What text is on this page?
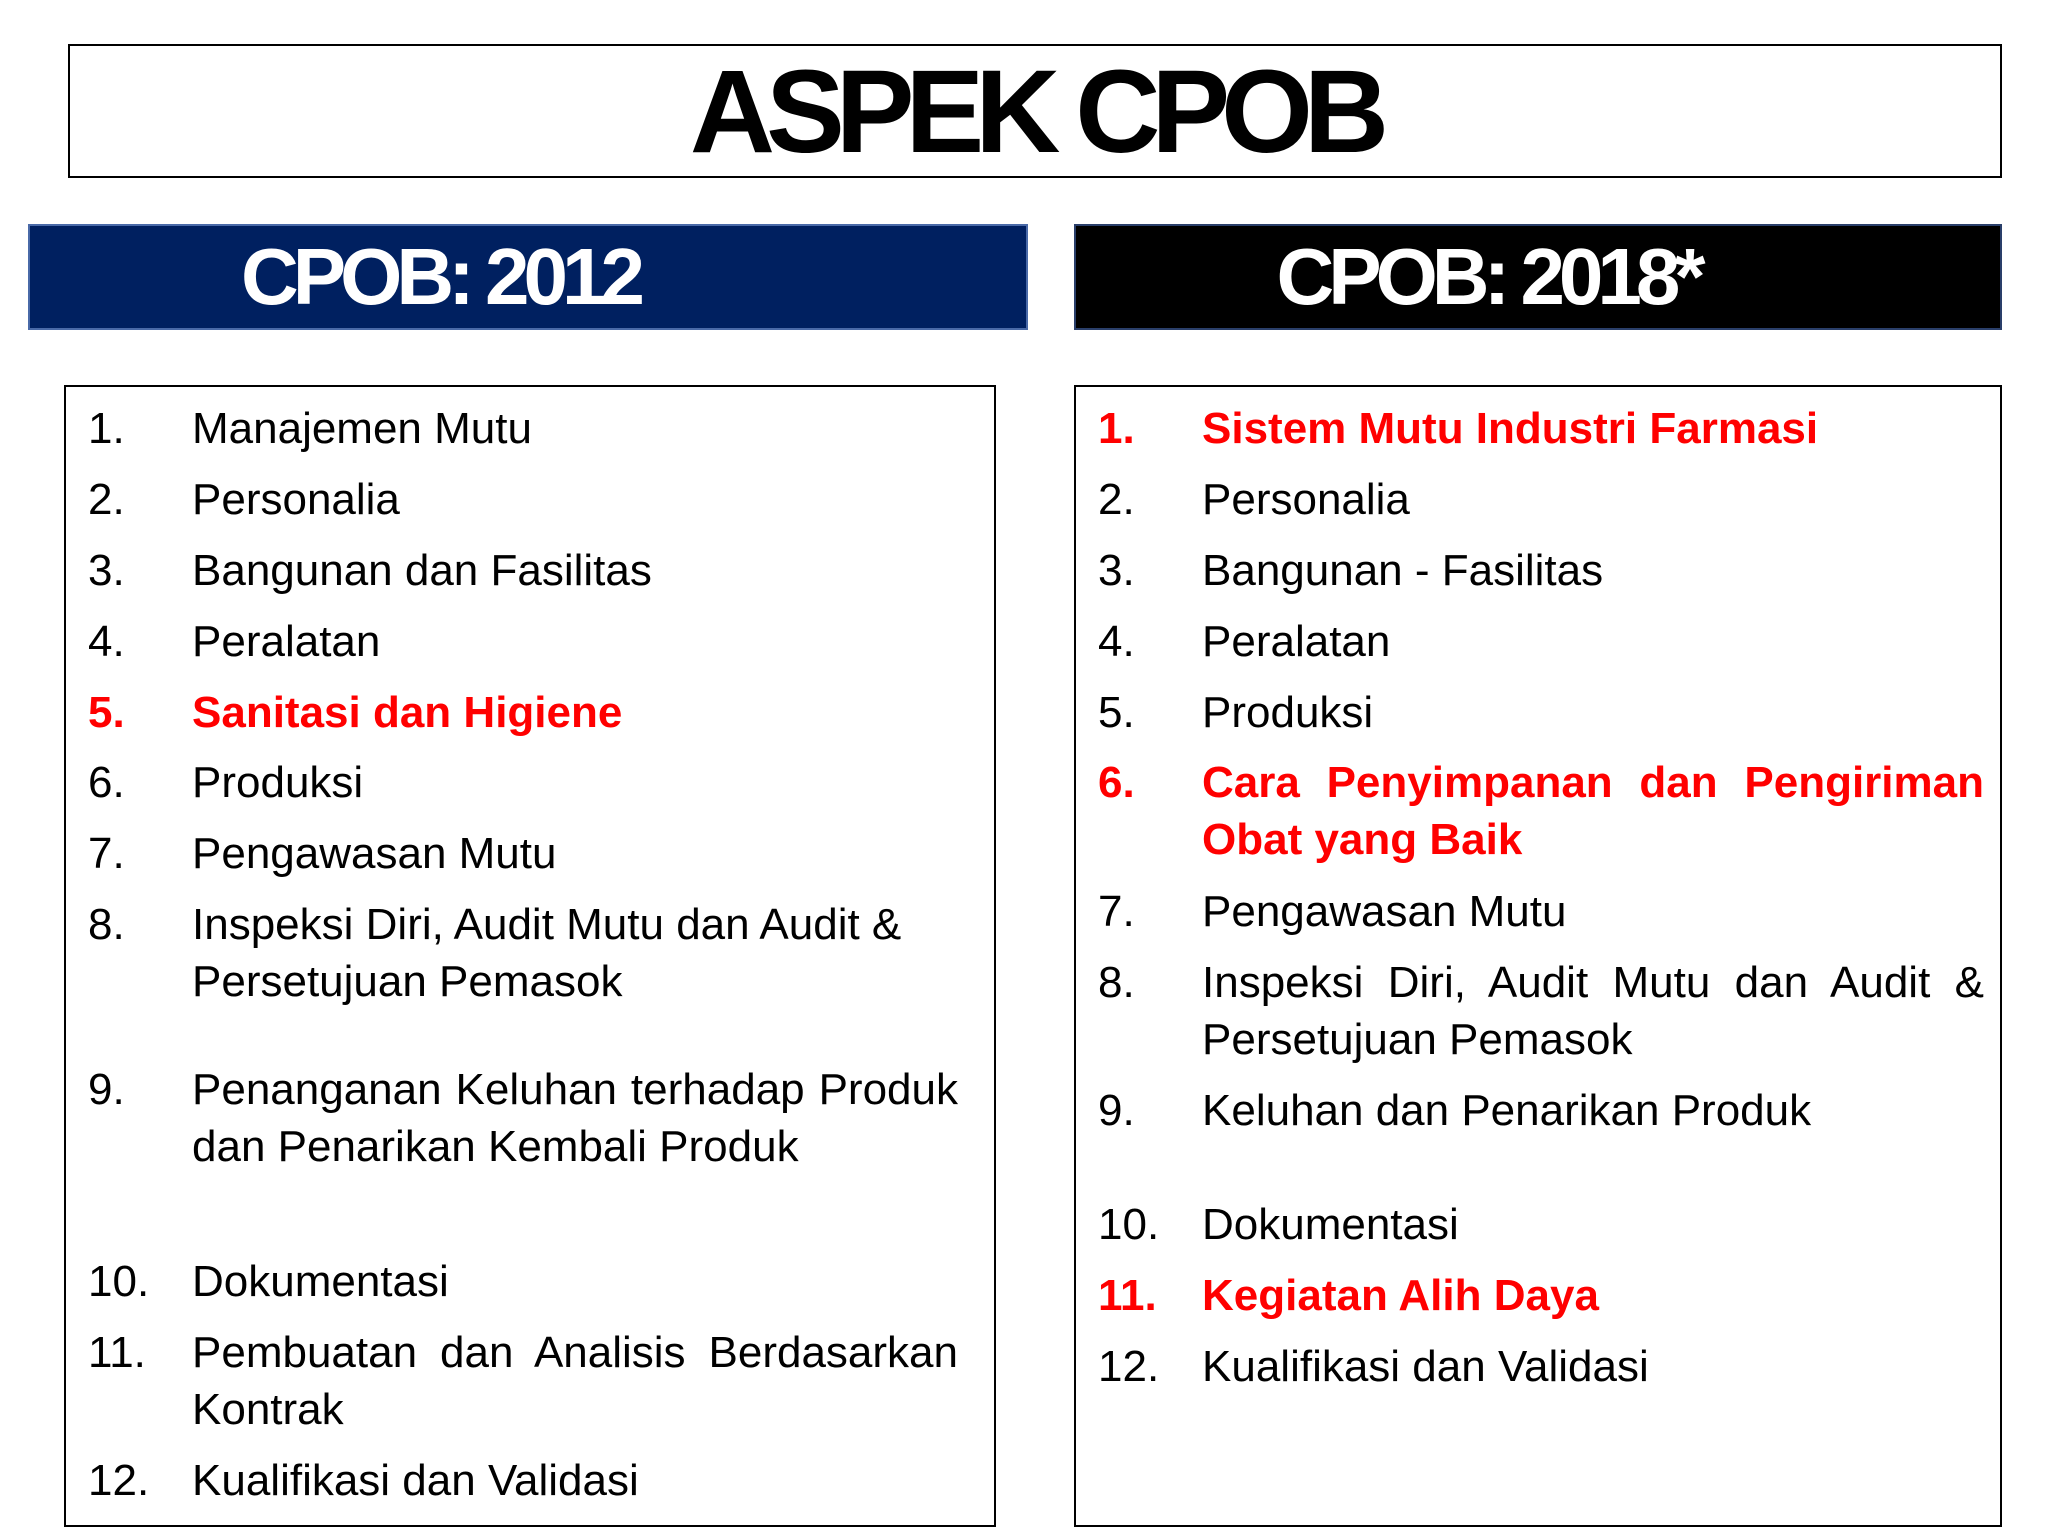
ASPEK CPOB
CPOB: 2012	CPOB: 2018*
1. Manajemen Mutu
2. Personalia
3. Bangunan dan Fasilitas
4. Peralatan
5. Sanitasi dan Higiene
6. Produksi
7. Pengawasan Mutu
8. Inspeksi Diri, Audit Mutu dan Audit & Persetujuan Pemasok
9. Penanganan Keluhan terhadap Produk dan Penarikan Kembali Produk
10. Dokumentasi
11. Pembuatan dan Analisis Berdasarkan Kontrak
12. Kualifikasi dan Validasi
1. Sistem Mutu Industri Farmasi
2. Personalia
3. Bangunan - Fasilitas
4. Peralatan
5. Produksi
6. Cara Penyimpanan dan Pengiriman Obat yang Baik
7. Pengawasan Mutu
8. Inspeksi Diri, Audit Mutu dan Audit & Persetujuan Pemasok
9. Keluhan dan Penarikan Produk
10. Dokumentasi
11. Kegiatan Alih Daya
12. Kualifikasi dan Validasi
